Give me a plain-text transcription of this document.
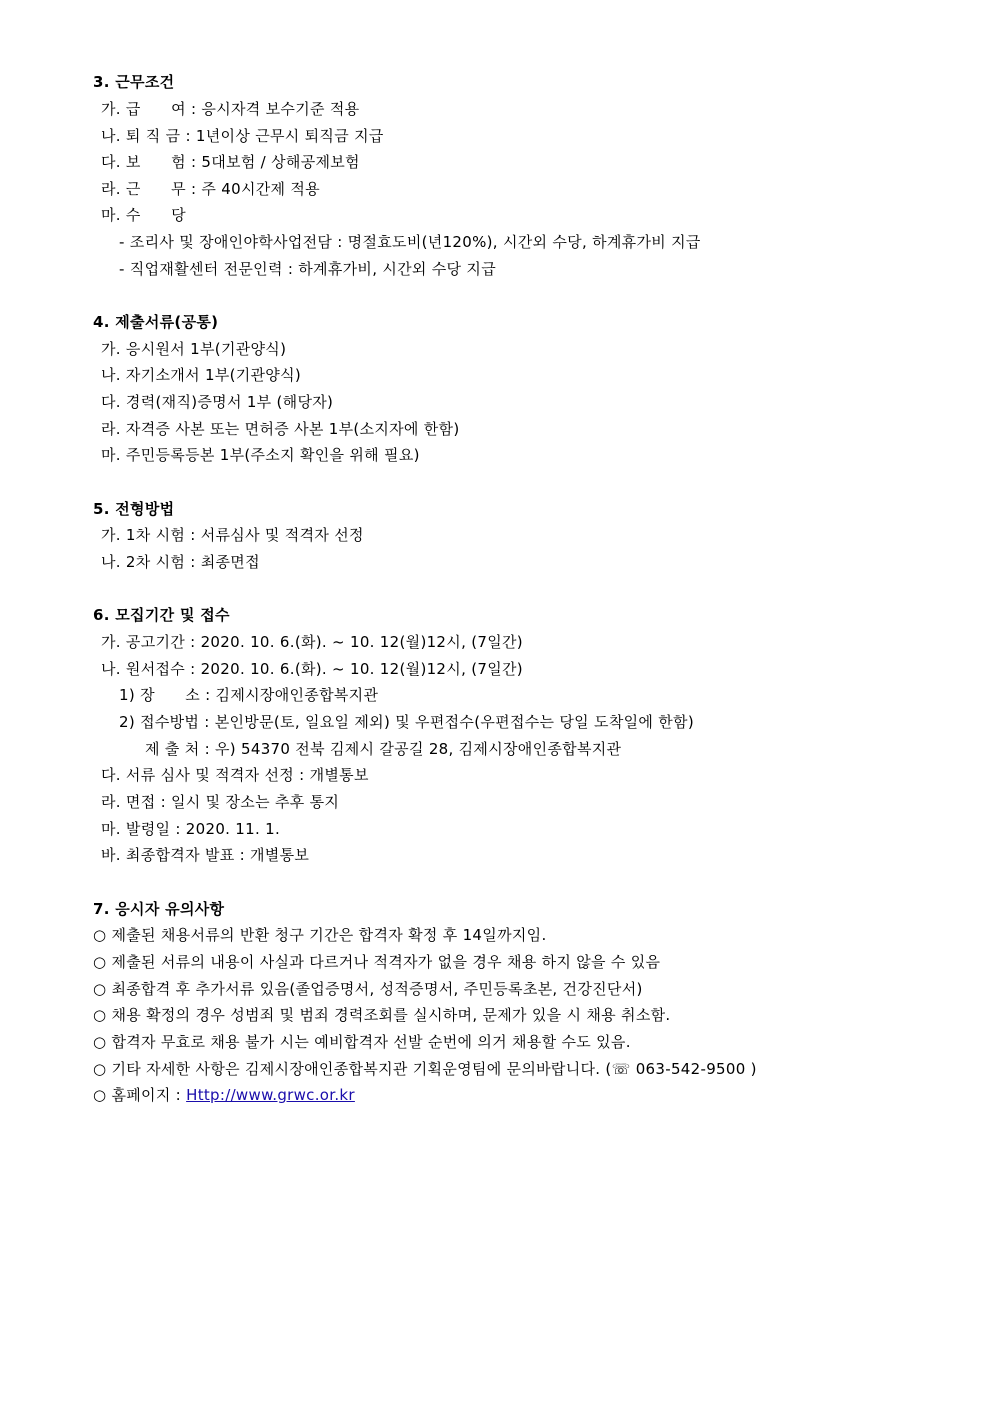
3. 근무조건
가. 급      여 : 응시자격 보수기준 적용
나. 퇴 직 금 : 1년이상 근무시 퇴직금 지급
다. 보      험 : 5대보험 / 상해공제보험
라. 근      무 : 주 40시간제 적용
마. 수      당
- 조리사 및 장애인야학사업전담 : 명절효도비(년120%), 시간외 수당, 하계휴가비 지급
- 직업재활센터 전문인력 : 하계휴가비, 시간외 수당 지급
4. 제출서류(공통)
가. 응시원서 1부(기관양식)
나. 자기소개서 1부(기관양식)
다. 경력(재직)증명서 1부 (해당자)
라. 자격증 사본 또는 면허증 사본 1부(소지자에 한함)
마. 주민등록등본 1부(주소지 확인을 위해 필요)
5. 전형방법
가. 1차 시험 : 서류심사 및 적격자 선정
나. 2차 시험 : 최종면접
6. 모집기간 및 접수
가. 공고기간 : 2020. 10. 6.(화). ~ 10. 12(월)12시, (7일간)
나. 원서접수 : 2020. 10. 6.(화). ~ 10. 12(월)12시, (7일간)
1) 장      소 : 김제시장애인종합복지관
2) 접수방법 : 본인방문(토, 일요일 제외) 및 우편접수(우편접수는 당일 도착일에 한함)
제 출 처 : 우) 54370 전북 김제시 갈공길 28, 김제시장애인종합복지관
다. 서류 심사 및 적격자 선정 : 개별통보
라. 면접 : 일시 및 장소는 추후 통지
마. 발령일 : 2020. 11. 1.
바. 최종합격자 발표 : 개별통보
7. 응시자 유의사항
○ 제출된 채용서류의 반환 청구 기간은 합격자 확정 후 14일까지임.
○ 제출된 서류의 내용이 사실과 다르거나 적격자가 없을 경우 채용 하지 않을 수 있음
○ 최종합격 후 추가서류 있음(졸업증명서, 성적증명서, 주민등록초본, 건강진단서)
○ 채용 확정의 경우 성범죄 및 범죄 경력조회를 실시하며, 문제가 있을 시 채용 취소함.
○ 합격자 무효로 채용 불가 시는 예비합격자 선발 순번에 의거 채용할 수도 있음.
○ 기타 자세한 사항은 김제시장애인종합복지관 기획운영팀에 문의바랍니다. (☏ 063-542-9500 )
○ 홈페이지 : Http://www.grwc.or.kr
